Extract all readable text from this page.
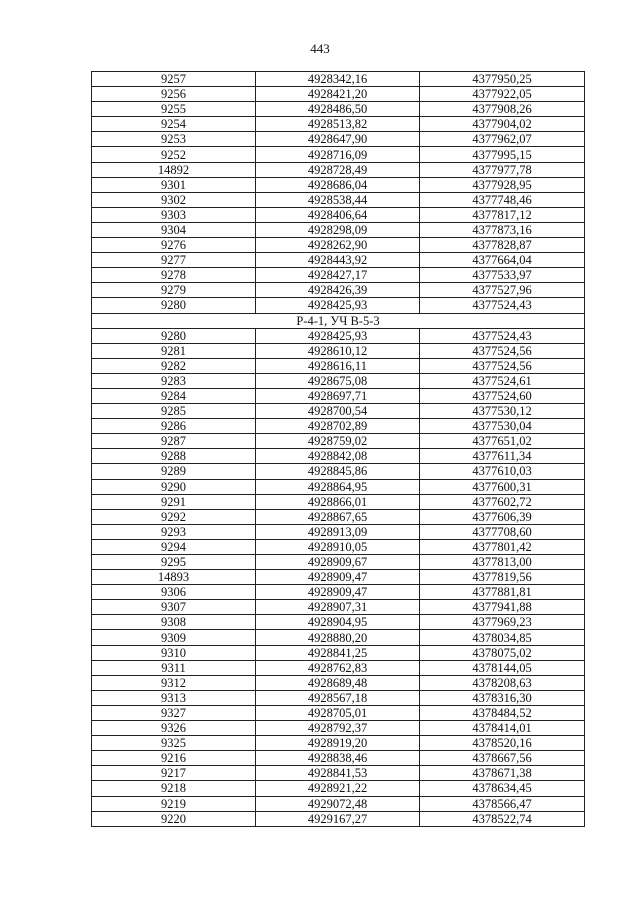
443
9257	4928342,16	4377950,25
9256	4928421,20	4377922,05
9255	4928486,50	4377908,26
9254	4928513,82	4377904,02
9253	4928647,90	4377962,07
9252	4928716,09	4377995,15
14892	4928728,49	4377977,78
9301	4928686,04	4377928,95
9302	4928538,44	4377748,46
9303	4928406,64	4377817,12
9304	4928298,09	4377873,16
9276	4928262,90	4377828,87
9277	4928443,92	4377664,04
9278	4928427,17	4377533,97
9279	4928426,39	4377527,96
9280	4928425,93	4377524,43
Р-4-1, УЧ В-5-3		
9280	4928425,93	4377524,43
9281	4928610,12	4377524,56
9282	4928616,11	4377524,56
9283	4928675,08	4377524,61
9284	4928697,71	4377524,60
9285	4928700,54	4377530,12
9286	4928702,89	4377530,04
9287	4928759,02	4377651,02
9288	4928842,08	4377611,34
9289	4928845,86	4377610,03
9290	4928864,95	4377600,31
9291	4928866,01	4377602,72
9292	4928867,65	4377606,39
9293	4928913,09	4377708,60
9294	4928910,05	4377801,42
9295	4928909,67	4377813,00
14893	4928909,47	4377819,56
9306	4928909,47	4377881,81
9307	4928907,31	4377941,88
9308	4928904,95	4377969,23
9309	4928880,20	4378034,85
9310	4928841,25	4378075,02
9311	4928762,83	4378144,05
9312	4928689,48	4378208,63
9313	4928567,18	4378316,30
9327	4928705,01	4378484,52
9326	4928792,37	4378414,01
9325	4928919,20	4378520,16
9216	4928838,46	4378667,56
9217	4928841,53	4378671,38
9218	4928921,22	4378634,45
9219	4929072,48	4378566,47
9220	4929167,27	4378522,74
